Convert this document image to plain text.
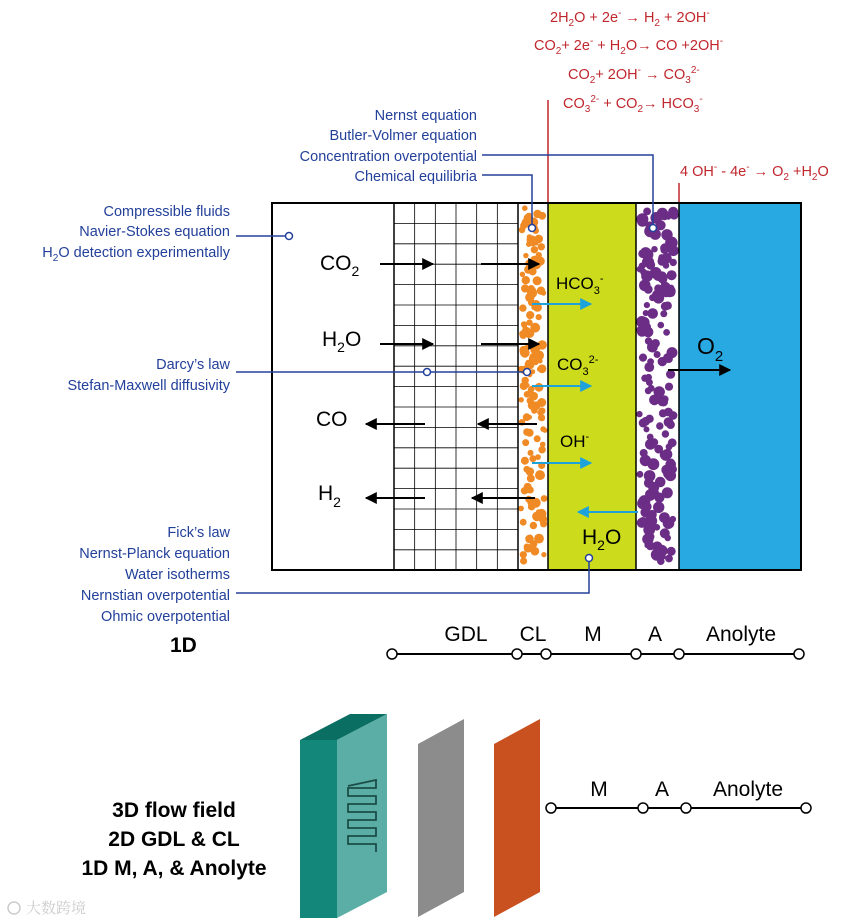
$2H_2O + 2e^- \to H_2 + 2OH^-$
$CO_2+ 2e^- + H_2O\to$ CO +2OH-
$CO_2+ 2OH^- \to CO_3^{2-}$
$CO_3^{2-} + CO_2\to HCO_3^-$
4 $OH^- - 4e^- \to O_2 +H_2O$
$CO_2$
$H_2O$
CO
$H_2$
$HCO_3^-$
$CO_3^{2-}$
OH-
$H_2O$
$O_2$
Nernst equation
Butler-Volmer equation
Concentration overpotential
Chemical equilibria
Compressible fluids
Navier-Stokes equation
$H_2O$ detection experimentally
Darcy’s law
Stefan-Maxwell diffusivity
Fick’s law
Nernst-Planck equation
Water isotherms
Nernstian overpotential
Ohmic overpotential
1D	GDL CL M A Anolyte
3D flow field
2D GDL & CL
1D M, A, & Anolyte
M A Anolyte
大数跨境
